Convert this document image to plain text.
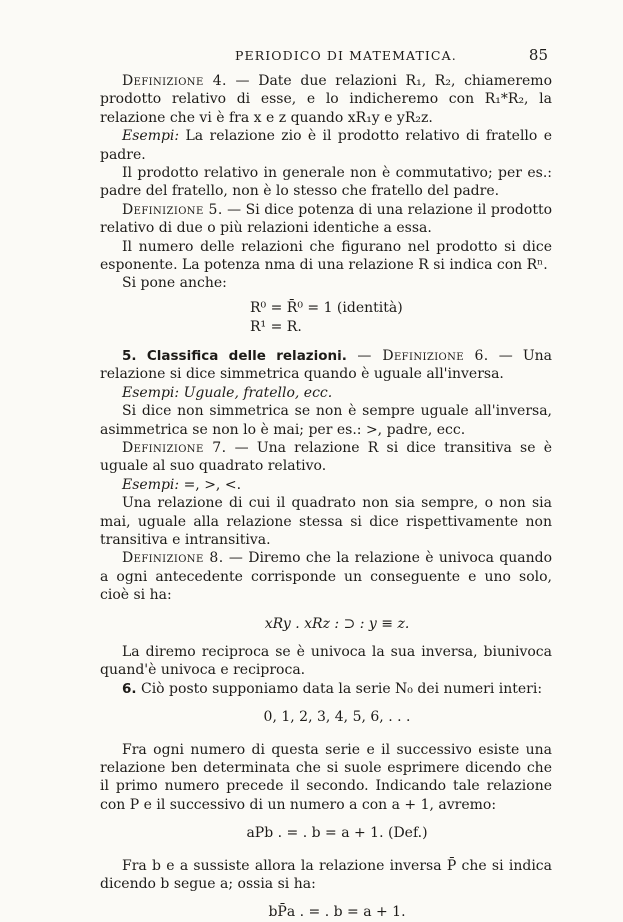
PERIODICO DI MATEMATICA.	85

Definizione 4. — Date due relazioni R₁, R₂, chiameremo prodotto relativo di esse, e lo indicheremo con R₁*R₂, la relazione che vi è fra x e z quando xR₁y e yR₂z.

Esempi: La relazione zio è il prodotto relativo di fratello e padre.

Il prodotto relativo in generale non è commutativo; per es.: padre del fratello, non è lo stesso che fratello del padre.

Definizione 5. — Si dice potenza di una relazione il prodotto relativo di due o più relazioni identiche a essa.

Il numero delle relazioni che figurano nel prodotto si dice esponente. La potenza nma di una relazione R si indica con Rⁿ.

Si pone anche:

R⁰ = R̄⁰ = 1 (identità)
R¹ = R.

5. Classifica delle relazioni. — Definizione 6. — Una relazione si dice simmetrica quando è uguale all'inversa.

Esempi: Uguale, fratello, ecc.

Si dice non simmetrica se non è sempre uguale all'inversa, asimmetrica se non lo è mai; per es.: >, padre, ecc.

Definizione 7. — Una relazione R si dice transitiva se è uguale al suo quadrato relativo.

Esempi: =, >, <.

Una relazione di cui il quadrato non sia sempre, o non sia mai, uguale alla relazione stessa si dice rispettivamente non transitiva e intransitiva.

Definizione 8. — Diremo che la relazione è univoca quando a ogni antecedente corrisponde un conseguente e uno solo, cioè si ha:

xRy . xRz : ⊃ : y ≡ z.

La diremo reciproca se è univoca la sua inversa, biunivoca quand'è univoca e reciproca.

6. Ciò posto supponiamo data la serie N₀ dei numeri interi:

0, 1, 2, 3, 4, 5, 6, . . .

Fra ogni numero di questa serie e il successivo esiste una relazione ben determinata che si suole esprimere dicendo che il primo numero precede il secondo. Indicando tale relazione con P e il successivo di un numero a con a + 1, avremo:

aPb . = . b = a + 1. (Def.)

Fra b e a sussiste allora la relazione inversa P̄ che si indica dicendo b segue a; ossia si ha:

bP̄a . = . b = a + 1.
